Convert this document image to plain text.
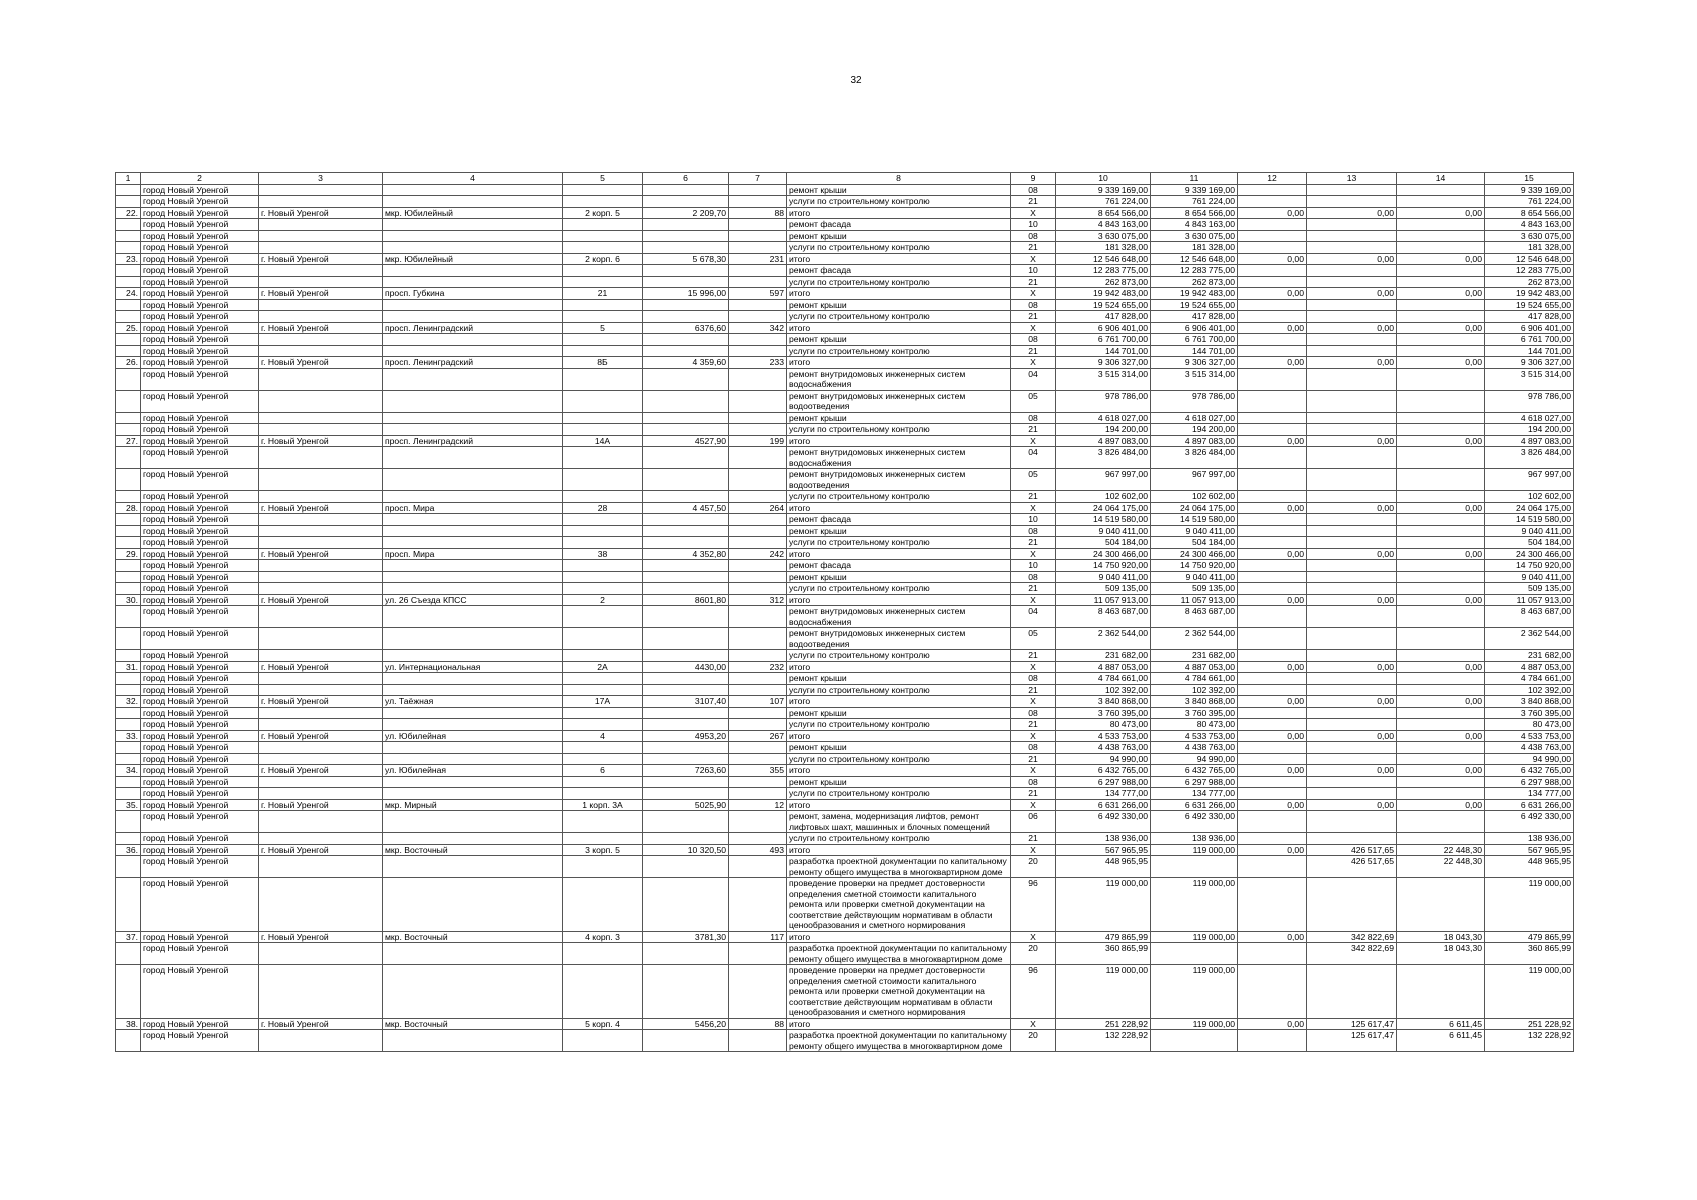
32
1	2	3	4	5	6	7	8	9	10	11	12	13	14	15
	город Новый Уренгой						ремонт крыши	08	9 339 169,00	9 339 169,00				9 339 169,00
	город Новый Уренгой						услуги по строительному контролю	21	761 224,00	761 224,00				761 224,00
22.	город Новый Уренгой	г. Новый Уренгой	мкр. Юбилейный	2 корп. 5	2 209,70	88	итого	X	8 654 566,00	8 654 566,00	0,00	0,00	0,00	8 654 566,00
	город Новый Уренгой						ремонт фасада	10	4 843 163,00	4 843 163,00				4 843 163,00
	город Новый Уренгой						ремонт крыши	08	3 630 075,00	3 630 075,00				3 630 075,00
	город Новый Уренгой						услуги по строительному контролю	21	181 328,00	181 328,00				181 328,00
23.	город Новый Уренгой	г. Новый Уренгой	мкр. Юбилейный	2 корп. 6	5 678,30	231	итого	X	12 546 648,00	12 546 648,00	0,00	0,00	0,00	12 546 648,00
	город Новый Уренгой						ремонт фасада	10	12 283 775,00	12 283 775,00				12 283 775,00
	город Новый Уренгой						услуги по строительному контролю	21	262 873,00	262 873,00				262 873,00
24.	город Новый Уренгой	г. Новый Уренгой	просп. Губкина	21	15 996,00	597	итого	X	19 942 483,00	19 942 483,00	0,00	0,00	0,00	19 942 483,00
	город Новый Уренгой						ремонт крыши	08	19 524 655,00	19 524 655,00				19 524 655,00
	город Новый Уренгой						услуги по строительному контролю	21	417 828,00	417 828,00				417 828,00
25.	город Новый Уренгой	г. Новый Уренгой	просп. Ленинградский	5	6376,60	342	итого	X	6 906 401,00	6 906 401,00	0,00	0,00	0,00	6 906 401,00
	город Новый Уренгой						ремонт крыши	08	6 761 700,00	6 761 700,00				6 761 700,00
	город Новый Уренгой						услуги по строительному контролю	21	144 701,00	144 701,00				144 701,00
26.	город Новый Уренгой	г. Новый Уренгой	просп. Ленинградский	8Б	4 359,60	233	итого	X	9 306 327,00	9 306 327,00	0,00	0,00	0,00	9 306 327,00
	город Новый Уренгой						ремонт внутридомовых инженерных систем водоснабжения	04	3 515 314,00	3 515 314,00				3 515 314,00
	город Новый Уренгой						ремонт внутридомовых инженерных систем водоотведения	05	978 786,00	978 786,00				978 786,00
	город Новый Уренгой						ремонт крыши	08	4 618 027,00	4 618 027,00				4 618 027,00
	город Новый Уренгой						услуги по строительному контролю	21	194 200,00	194 200,00				194 200,00
27.	город Новый Уренгой	г. Новый Уренгой	просп. Ленинградский	14А	4527,90	199	итого	X	4 897 083,00	4 897 083,00	0,00	0,00	0,00	4 897 083,00
	город Новый Уренгой						ремонт внутридомовых инженерных систем водоснабжения	04	3 826 484,00	3 826 484,00				3 826 484,00
	город Новый Уренгой						ремонт внутридомовых инженерных систем водоотведения	05	967 997,00	967 997,00				967 997,00
	город Новый Уренгой						услуги по строительному контролю	21	102 602,00	102 602,00				102 602,00
28.	город Новый Уренгой	г. Новый Уренгой	просп. Мира	28	4 457,50	264	итого	X	24 064 175,00	24 064 175,00	0,00	0,00	0,00	24 064 175,00
	город Новый Уренгой						ремонт фасада	10	14 519 580,00	14 519 580,00				14 519 580,00
	город Новый Уренгой						ремонт крыши	08	9 040 411,00	9 040 411,00				9 040 411,00
	город Новый Уренгой						услуги по строительному контролю	21	504 184,00	504 184,00				504 184,00
29.	город Новый Уренгой	г. Новый Уренгой	просп. Мира	38	4 352,80	242	итого	X	24 300 466,00	24 300 466,00	0,00	0,00	0,00	24 300 466,00
	город Новый Уренгой						ремонт фасада	10	14 750 920,00	14 750 920,00				14 750 920,00
	город Новый Уренгой						ремонт крыши	08	9 040 411,00	9 040 411,00				9 040 411,00
	город Новый Уренгой						услуги по строительному контролю	21	509 135,00	509 135,00				509 135,00
30.	город Новый Уренгой	г. Новый Уренгой	ул. 26 Съезда КПСС	2	8601,80	312	итого	X	11 057 913,00	11 057 913,00	0,00	0,00	0,00	11 057 913,00
	город Новый Уренгой						ремонт внутридомовых инженерных систем водоснабжения	04	8 463 687,00	8 463 687,00				8 463 687,00
	город Новый Уренгой						ремонт внутридомовых инженерных систем водоотведения	05	2 362 544,00	2 362 544,00				2 362 544,00
	город Новый Уренгой						услуги по строительному контролю	21	231 682,00	231 682,00				231 682,00
31.	город Новый Уренгой	г. Новый Уренгой	ул. Интернациональная	2А	4430,00	232	итого	X	4 887 053,00	4 887 053,00	0,00	0,00	0,00	4 887 053,00
	город Новый Уренгой						ремонт крыши	08	4 784 661,00	4 784 661,00				4 784 661,00
	город Новый Уренгой						услуги по строительному контролю	21	102 392,00	102 392,00				102 392,00
32.	город Новый Уренгой	г. Новый Уренгой	ул. Таёжная	17А	3107,40	107	итого	X	3 840 868,00	3 840 868,00	0,00	0,00	0,00	3 840 868,00
	город Новый Уренгой						ремонт крыши	08	3 760 395,00	3 760 395,00				3 760 395,00
	город Новый Уренгой						услуги по строительному контролю	21	80 473,00	80 473,00				80 473,00
33.	город Новый Уренгой	г. Новый Уренгой	ул. Юбилейная	4	4953,20	267	итого	X	4 533 753,00	4 533 753,00	0,00	0,00	0,00	4 533 753,00
	город Новый Уренгой						ремонт крыши	08	4 438 763,00	4 438 763,00				4 438 763,00
	город Новый Уренгой						услуги по строительному контролю	21	94 990,00	94 990,00				94 990,00
34.	город Новый Уренгой	г. Новый Уренгой	ул. Юбилейная	6	7263,60	355	итого	X	6 432 765,00	6 432 765,00	0,00	0,00	0,00	6 432 765,00
	город Новый Уренгой						ремонт крыши	08	6 297 988,00	6 297 988,00				6 297 988,00
	город Новый Уренгой						услуги по строительному контролю	21	134 777,00	134 777,00				134 777,00
35.	город Новый Уренгой	г. Новый Уренгой	мкр. Мирный	1 корп. 3А	5025,90	12	итого	X	6 631 266,00	6 631 266,00	0,00	0,00	0,00	6 631 266,00
	город Новый Уренгой						ремонт, замена, модернизация лифтов, ремонт лифтовых шахт, машинных и блочных помещений	06	6 492 330,00	6 492 330,00				6 492 330,00
	город Новый Уренгой						услуги по строительному контролю	21	138 936,00	138 936,00				138 936,00
36.	город Новый Уренгой	г. Новый Уренгой	мкр. Восточный	3 корп. 5	10 320,50	493	итого	X	567 965,95	119 000,00	0,00	426 517,65	22 448,30	567 965,95
	город Новый Уренгой						разработка проектной документации по капитальному ремонту общего имущества в многоквартирном доме	20	448 965,95			426 517,65	22 448,30	448 965,95
	город Новый Уренгой						проведение проверки на предмет достоверности определения сметной стоимости капитального ремонта или проверки сметной документации на соответствие действующим нормативам в области ценообразования и сметного нормирования	96	119 000,00	119 000,00				119 000,00
37.	город Новый Уренгой	г. Новый Уренгой	мкр. Восточный	4 корп. 3	3781,30	117	итого	X	479 865,99	119 000,00	0,00	342 822,69	18 043,30	479 865,99
	город Новый Уренгой						разработка проектной документации по капитальному ремонту общего имущества в многоквартирном доме	20	360 865,99			342 822,69	18 043,30	360 865,99
	город Новый Уренгой						проведение проверки на предмет достоверности определения сметной стоимости капитального ремонта или проверки сметной документации на соответствие действующим нормативам в области ценообразования и сметного нормирования	96	119 000,00	119 000,00				119 000,00
38.	город Новый Уренгой	г. Новый Уренгой	мкр. Восточный	5 корп. 4	5456,20	88	итого	X	251 228,92	119 000,00	0,00	125 617,47	6 611,45	251 228,92
	город Новый Уренгой						разработка проектной документации по капитальному ремонту общего имущества в многоквартирном доме	20	132 228,92			125 617,47	6 611,45	132 228,92
